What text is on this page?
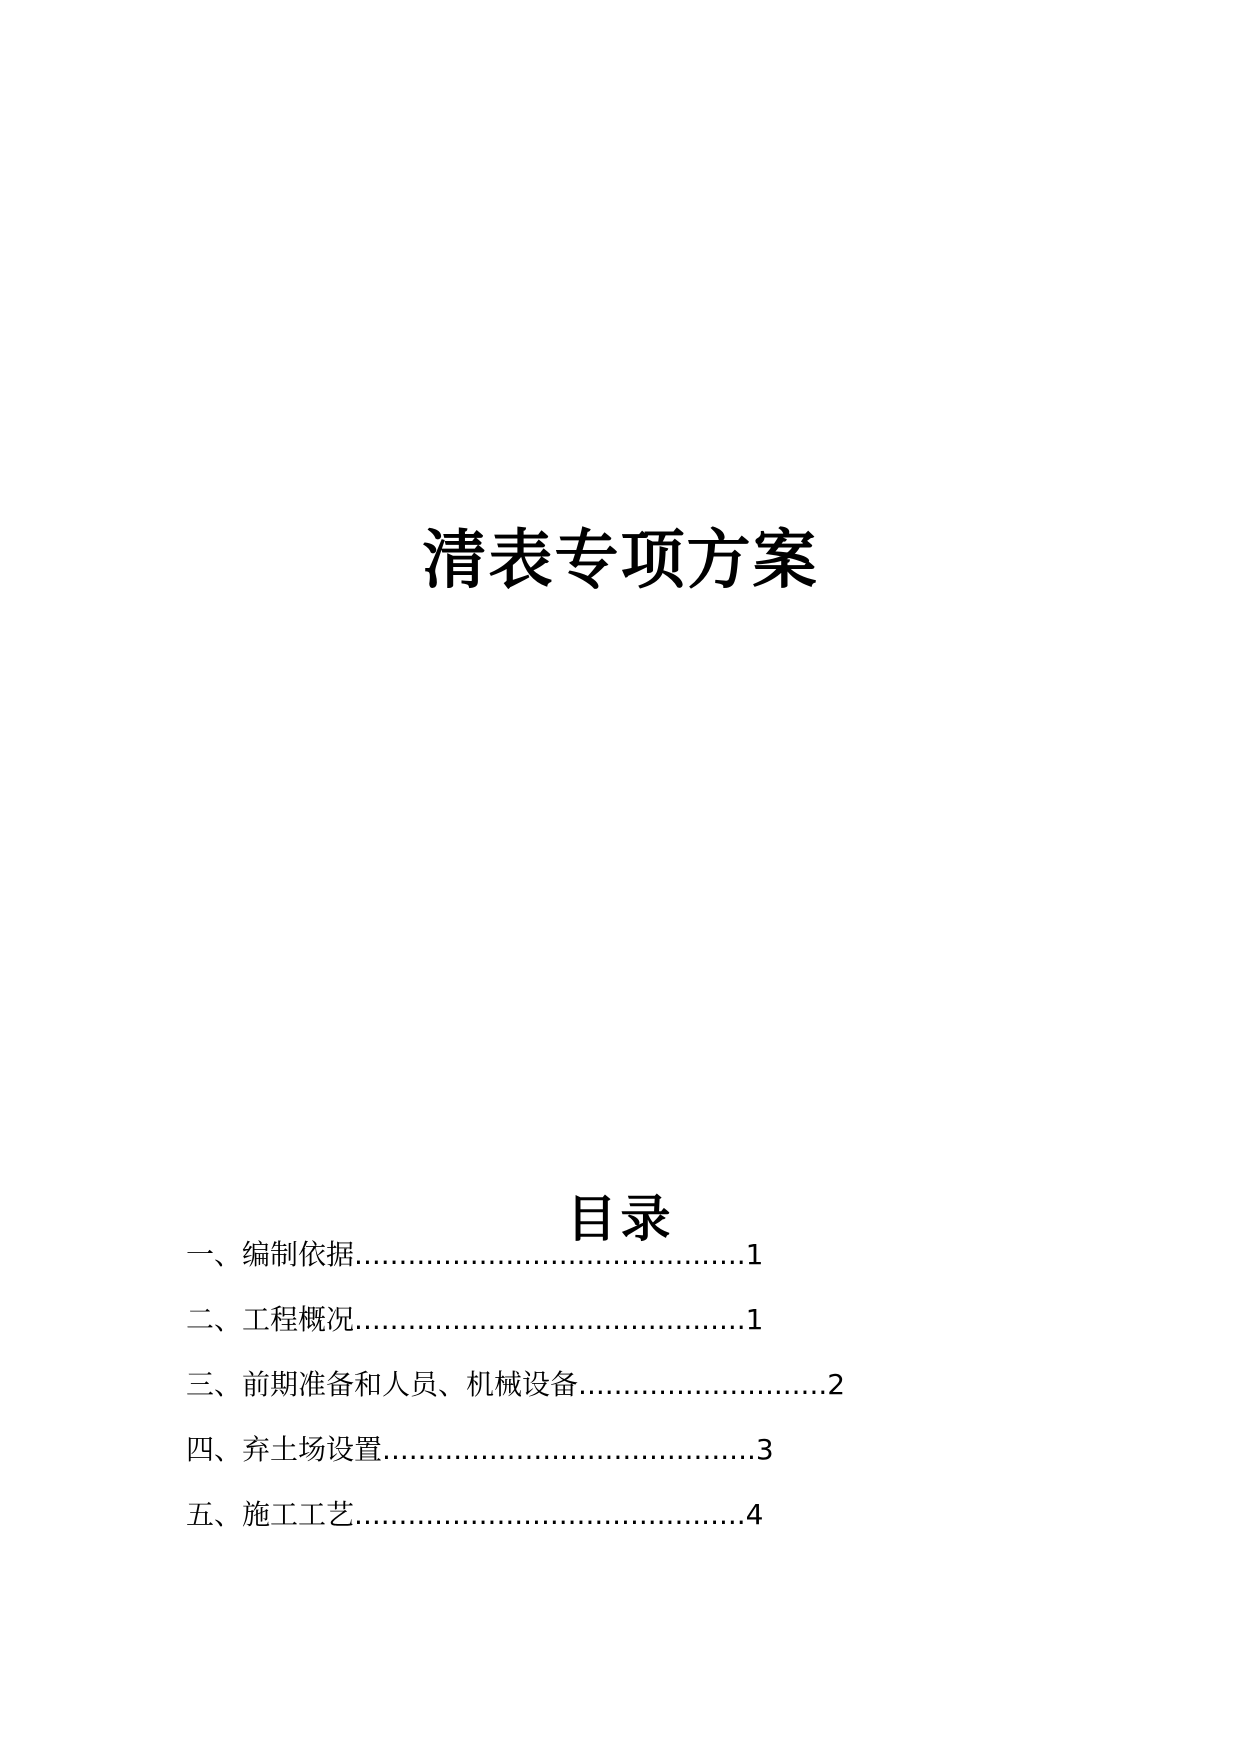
清表专项方案
目录
一 、 编制依据 ............................................ 1
二 、 工程概况 ............................................ 1
三 、 前期准备和人员、机械设备 ............................ 2
四 、 弃土场设置 .......................................... 3
五 、 施工工艺 ............................................ 4
